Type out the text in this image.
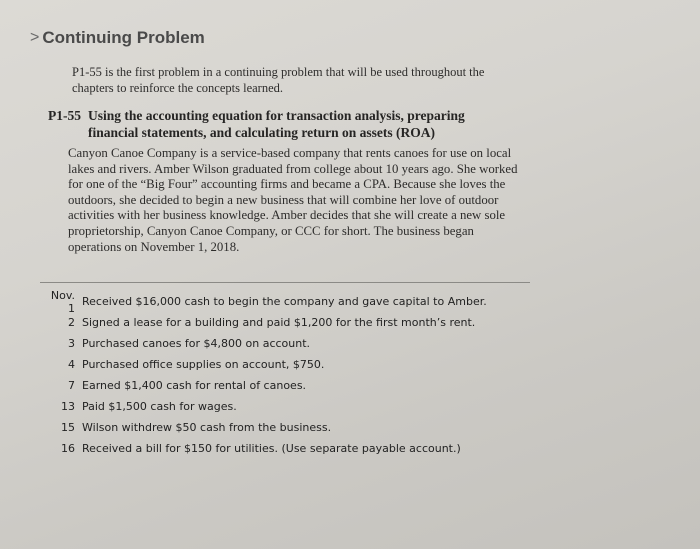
> Continuing Problem

P1-55 is the first problem in a continuing problem that will be used throughout the chapters to reinforce the concepts learned.

P1-55 Using the accounting equation for transaction analysis, preparing financial statements, and calculating return on assets (ROA)

Canyon Canoe Company is a service-based company that rents canoes for use on local lakes and rivers. Amber Wilson graduated from college about 10 years ago. She worked for one of the “Big Four” accounting firms and became a CPA. Because she loves the outdoors, she decided to begin a new business that will combine her love of outdoor activities with her business knowledge. Amber decides that she will create a new sole proprietorship, Canyon Canoe Company, or CCC for short. The business began operations on November 1, 2018.

Nov. 1 Received $16,000 cash to begin the company and gave capital to Amber.
2 Signed a lease for a building and paid $1,200 for the first month’s rent.
3 Purchased canoes for $4,800 on account.
4 Purchased office supplies on account, $750.
7 Earned $1,400 cash for rental of canoes.
13 Paid $1,500 cash for wages.
15 Wilson withdrew $50 cash from the business.
16 Received a bill for $150 for utilities. (Use separate payable account.)
